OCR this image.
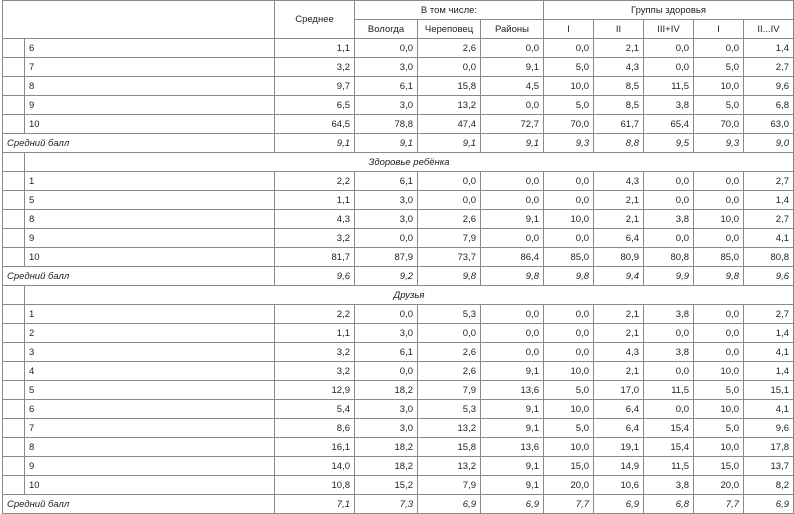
		Среднее	В том числе:			Группы здоровья				
			Вологда	Череповец	Районы	I	II	III+IV	I	II...IV
	6	1,1	0,0	2,6	0,0	0,0	2,1	0,0	0,0	1,4
	7	3,2	3,0	0,0	9,1	5,0	4,3	0,0	5,0	2,7
	8	9,7	6,1	15,8	4,5	10,0	8,5	11,5	10,0	9,6
	9	6,5	3,0	13,2	0,0	5,0	8,5	3,8	5,0	6,8
	10	64,5	78,8	47,4	72,7	70,0	61,7	65,4	70,0	63,0
Средний балл		9,1	9,1	9,1	9,1	9,3	8,8	9,5	9,3	9,0
	Здоровье ребёнка									
	1	2,2	6,1	0,0	0,0	0,0	4,3	0,0	0,0	2,7
	5	1,1	3,0	0,0	0,0	0,0	2,1	0,0	0,0	1,4
	8	4,3	3,0	2,6	9,1	10,0	2,1	3,8	10,0	2,7
	9	3,2	0,0	7,9	0,0	0,0	6,4	0,0	0,0	4,1
	10	81,7	87,9	73,7	86,4	85,0	80,9	80,8	85,0	80,8
Средний балл		9,6	9,2	9,8	9,8	9,8	9,4	9,9	9,8	9,6
	Друзья									
	1	2,2	0,0	5,3	0,0	0,0	2,1	3,8	0,0	2,7
	2	1,1	3,0	0,0	0,0	0,0	2,1	0,0	0,0	1,4
	3	3,2	6,1	2,6	0,0	0,0	4,3	3,8	0,0	4,1
	4	3,2	0,0	2,6	9,1	10,0	2,1	0,0	10,0	1,4
	5	12,9	18,2	7,9	13,6	5,0	17,0	11,5	5,0	15,1
	6	5,4	3,0	5,3	9,1	10,0	6,4	0,0	10,0	4,1
	7	8,6	3,0	13,2	9,1	5,0	6,4	15,4	5,0	9,6
	8	16,1	18,2	15,8	13,6	10,0	19,1	15,4	10,0	17,8
	9	14,0	18,2	13,2	9,1	15,0	14,9	11,5	15,0	13,7
	10	10,8	15,2	7,9	9,1	20,0	10,6	3,8	20,0	8,2
Средний балл		7,1	7,3	6,9	6,9	7,7	6,9	6,8	7,7	6,9
